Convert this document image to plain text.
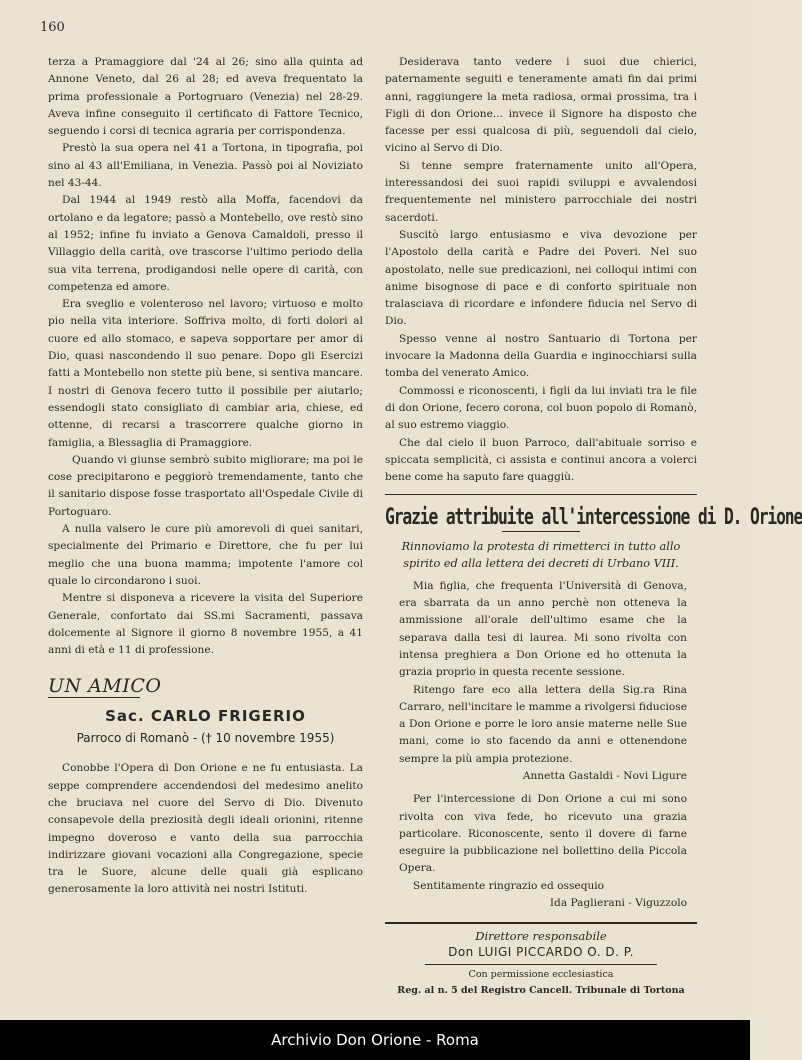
160

terza a Pramaggiore dal '24 al 26; sino alla quinta ad Annone Veneto, dal 26 al 28; ed aveva frequentato la prima professionale a Portogruaro (Venezia) nel 28-29. Aveva infine conseguito il certificato di Fattore Tecnico, seguendo i corsi di tecnica agraria per corrispondenza.

Prestò la sua opera nel 41 a Tortona, in tipografia, poi sino al 43 all'Emiliana, in Venezia. Passò poi al Noviziato nel 43-44.

Dal 1944 al 1949 restò alla Moffa, facendovi da ortolano e da legatore; passò a Montebello, ove restò sino al 1952; infine fu inviato a Genova Camaldoli, presso il Villaggio della carità, ove trascorse l'ultimo periodo della sua vita terrena, prodigandosi nelle opere di carità, con competenza ed amore.

Era sveglio e volenteroso nel lavoro; virtuoso e molto pio nella vita interiore. Soffriva molto, di forti dolori al cuore ed allo stomaco, e sapeva sopportare per amor di Dio, quasi nascondendo il suo penare. Dopo gli Esercizi fatti a Montebello non stette più bene, si sentiva mancare. I nostri di Genova fecero tutto il possibile per aiutarlo; essendogli stato consigliato di cambiar aria, chiese, ed ottenne, di recarsi a trascorrere qualche giorno in famiglia, a Blessaglia di Pramaggiore.

Quando vi giunse sembrò subito migliorare; ma poi le cose precipitarono e peggiorò tremendamente, tanto che il sanitario dispose fosse trasportato all'Ospedale Civile di Portoguaro.

A nulla valsero le cure più amorevoli di quei sanitari, specialmente del Primario e Direttore, che fu per lui meglio che una buona mamma; impotente l'amore col quale lo circondarono i suoi.

Mentre si disponeva a ricevere la visita del Superiore Generale, confortato dai SS.mi Sacramenti, passava dolcemente al Signore il giorno 8 novembre 1955, a 41 anni di età e 11 di professione.

UN AMICO
Sac. CARLO FRIGERIO
Parroco di Romanò - († 10 novembre 1955)

Conobbe l'Opera di Don Orione e ne fu entusiasta. La seppe comprendere accendendosi del medesimo anelito che bruciava nel cuore del Servo di Dio. Divenuto consapevole della preziosità degli ideali orionini, ritenne impegno doveroso e vanto della sua parrocchia indirizzare giovani vocazioni alla Congregazione, specie tra le Suore, alcune delle quali già esplicano generosamente la loro attività nei nostri Istituti.

Desiderava tanto vedere i suoi due chierici, paternamente seguiti e teneramente amati fin dai primi anni, raggiungere la meta radiosa, ormai prossima, tra i Figli di don Orione... invece il Signore ha disposto che facesse per essi qualcosa di più, seguendoli dal cielo, vicino al Servo di Dio.

Si tenne sempre fraternamente unito all'Opera, interessandosi dei suoi rapidi sviluppi e avvalendosi frequentemente nel ministero parrocchiale dei nostri sacerdoti.

Suscitò largo entusiasmo e viva devozione per l'Apostolo della carità e Padre dei Poveri. Nel suo apostolato, nelle sue predicazioni, nei colloqui intimi con anime bisognose di pace e di conforto spirituale non tralasciava di ricordare e infondere fiducia nel Servo di Dio.

Spesso venne al nostro Santuario di Tortona per invocare la Madonna della Guardia e inginocchiarsi sulla tomba del venerato Amico.

Commossi e riconoscenti, i figli da lui inviati tra le file di don Orione, fecero corona, col buon popolo di Romanò, al suo estremo viaggio.

Che dal cielo il buon Parroco, dall'abituale sorriso e spiccata semplicità, ci assista e continui ancora a volerci bene come ha saputo fare quaggiù.

Grazie attribuite all'intercessione di D. Orione
Rinnoviamo la protesta di rimetterci in tutto allo spirito ed alla lettera dei decreti di Urbano VIII.

Mia figlia, che frequenta l'Università di Genova, era sbarrata da un anno perchè non otteneva la ammissione all'orale dell'ultimo esame che la separava dalla tesi di laurea. Mi sono rivolta con intensa preghiera a Don Orione ed ho ottenuta la grazia proprio in questa recente sessione.

Ritengo fare eco alla lettera della Sig.ra Rina Carraro, nell'incitare le mamme a rivolgersi fiduciose a Don Orione e porre le loro ansie materne nelle Sue mani, come io sto facendo da anni e ottenendone sempre la più ampia protezione.

Annetta Gastaldi - Novi Ligure

Per l'intercessione di Don Orione a cui mi sono rivolta con viva fede, ho ricevuto una grazia particolare. Riconoscente, sento il dovere di farne eseguire la pubblicazione nel bollettino della Piccola Opera.

Sentitamente ringrazio ed ossequio

Ida Paglierani - Viguzzolo

Direttore responsabile
Don LUIGI PICCARDO O. D. P.
Con permissione ecclesiastica
Reg. al n. 5 del Registro Cancell. Tribunale di Tortona
Archivio Don Orione - Roma
